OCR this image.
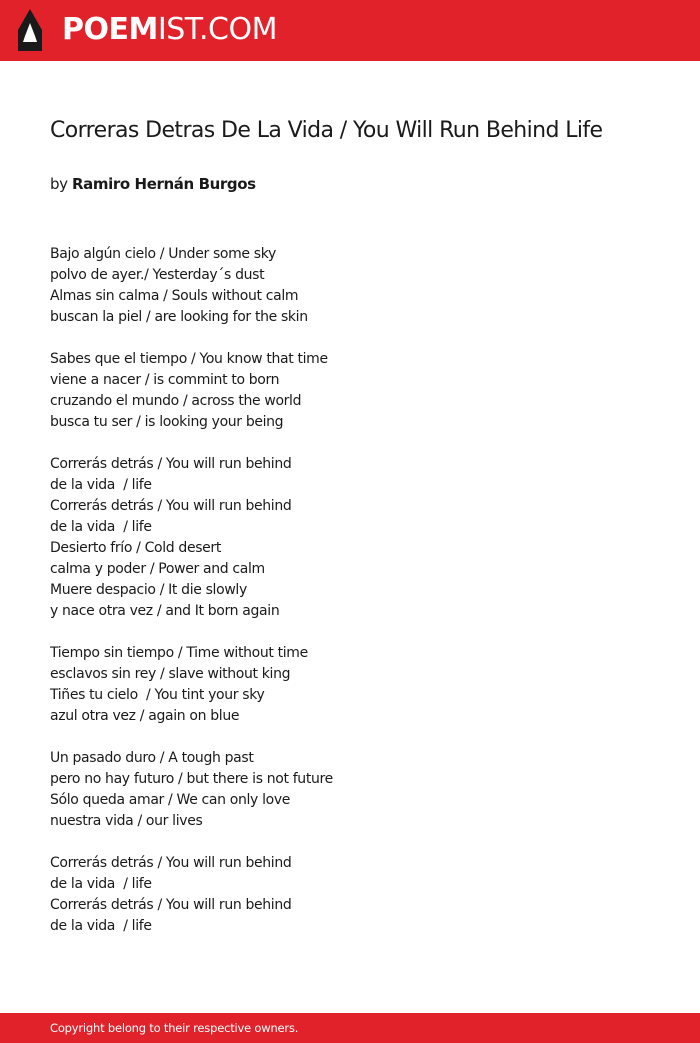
POEMIST.COM
Correras Detras De La Vida / You Will Run Behind Life
by Ramiro Hernán Burgos
Bajo algún cielo / Under some sky
polvo de ayer./ Yesterday´s dust
Almas sin calma / Souls without calm
buscan la piel / are looking for the skin
Sabes que el tiempo / You know that time
viene a nacer / is commint to born
cruzando el mundo / across the world
busca tu ser / is looking your being
Correrás detrás / You will run behind
de la vida  / life
Correrás detrás / You will run behind
de la vida  / life
Desierto frío / Cold desert
calma y poder / Power and calm
Muere despacio / It die slowly
y nace otra vez / and It born again
Tiempo sin tiempo / Time without time
esclavos sin rey / slave without king
Tiñes tu cielo  / You tint your sky
azul otra vez / again on blue
Un pasado duro / A tough past
pero no hay futuro / but there is not future
Sólo queda amar / We can only love
nuestra vida / our lives
Correrás detrás / You will run behind
de la vida  / life
Correrás detrás / You will run behind
de la vida  / life
Copyright belong to their respective owners.
